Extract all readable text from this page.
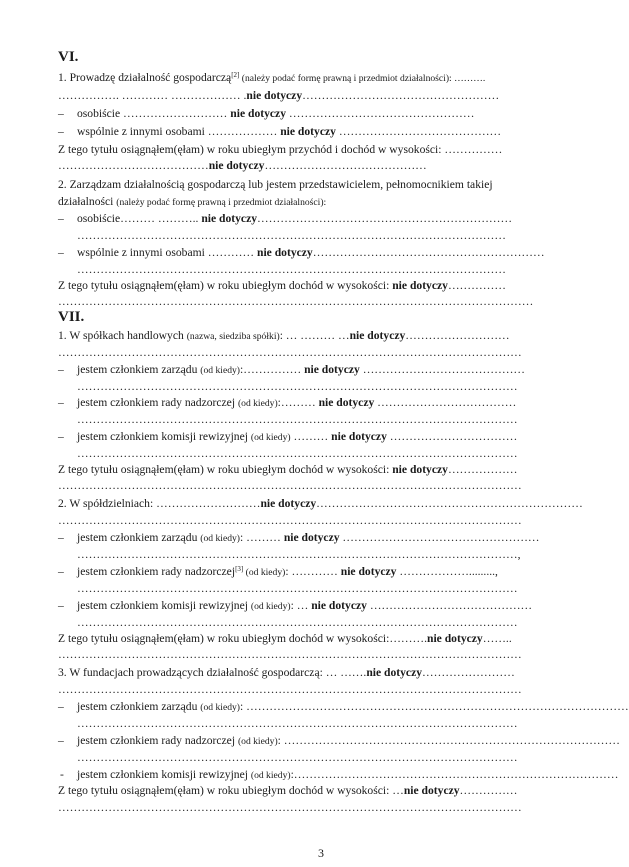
VI.
1. Prowadzę działalność gospodarczą[2] (należy podać formę prawną i przedmiot działalności): ……….
……………. ………… ……………… .nie dotyczy……………………………………………
– osobiście ……………………… nie dotyczy …………………………………………
– wspólnie z innymi osobami ……………… nie dotyczy ……………………………………
Z tego tytułu osiągnąłem(ęłam) w roku ubiegłym przychód i dochód w wysokości: ……………
…………………………………nie dotyczy……………………………………
2. Zarządzam działalnością gospodarczą lub jestem przedstawicielem, pełnomocnikiem takiej
działalności (należy podać formę prawną i przedmiot działalności):
– osobiście……… ……….. nie dotyczy…………………………………………………………
…………………………………………………………………………………………………
– wspólnie z innymi osobami ………… nie dotyczy……………………………………………………
…………………………………………………………………………………………………
Z tego tytułu osiągnąłem(ęłam) w roku ubiegłym dochód w wysokości: nie dotyczy……………
……………………………………………………………………………………………………………
VII.
1. W spółkach handlowych (nazwa, siedziba spółki): … ……… …nie dotyczy………………………
…………………………………………………………………………………………………………
– jestem członkiem zarządu (od kiedy):…………… nie dotyczy ……………………………………
……………………………………………………………………………………………………
– jestem członkiem rady nadzorczej (od kiedy):……… nie dotyczy ………………………………
……………………………………………………………………………………………………
– jestem członkiem komisji rewizyjnej (od kiedy) ……… nie dotyczy ……………………………
……………………………………………………………………………………………………
Z tego tytułu osiągnąłem(ęłam) w roku ubiegłym dochód w wysokości: nie dotyczy………………
…………………………………………………………………………………………………………
2. W spółdzielniach: ………………………nie dotyczy……………………………………………………………
…………………………………………………………………………………………………………
– jestem członkiem zarządu (od kiedy): ……… nie dotyczy ……………………………………………
……………………………………………………………………………………………………,
– jestem członkiem rady nadzorczej[3] (od kiedy): ………… nie dotyczy ……………….........,
……………………………………………………………………………………………………
– jestem członkiem komisji rewizyjnej (od kiedy): … nie dotyczy ……………………………………
……………………………………………………………………………………………………
Z tego tytułu osiągnąłem(ęłam) w roku ubiegłym dochód w wysokości:……….nie dotyczy……..
…………………………………………………………………………………………………………
3. W fundacjach prowadzących działalność gospodarczą: … …….nie dotyczy……………………
…………………………………………………………………………………………………………
– jestem członkiem zarządu (od kiedy): ………………………………………………………………………………………
……………………………………………………………………………………………………
– jestem członkiem rady nadzorczej (od kiedy): ……………………………………………………………………………
……………………………………………………………………………………………………
- jestem członkiem komisji rewizyjnej (od kiedy):…………………………………………………………………………
Z tego tytułu osiągnąłem(ęłam) w roku ubiegłym dochód w wysokości: …nie dotyczy……………
…………………………………………………………………………………………………………
3
